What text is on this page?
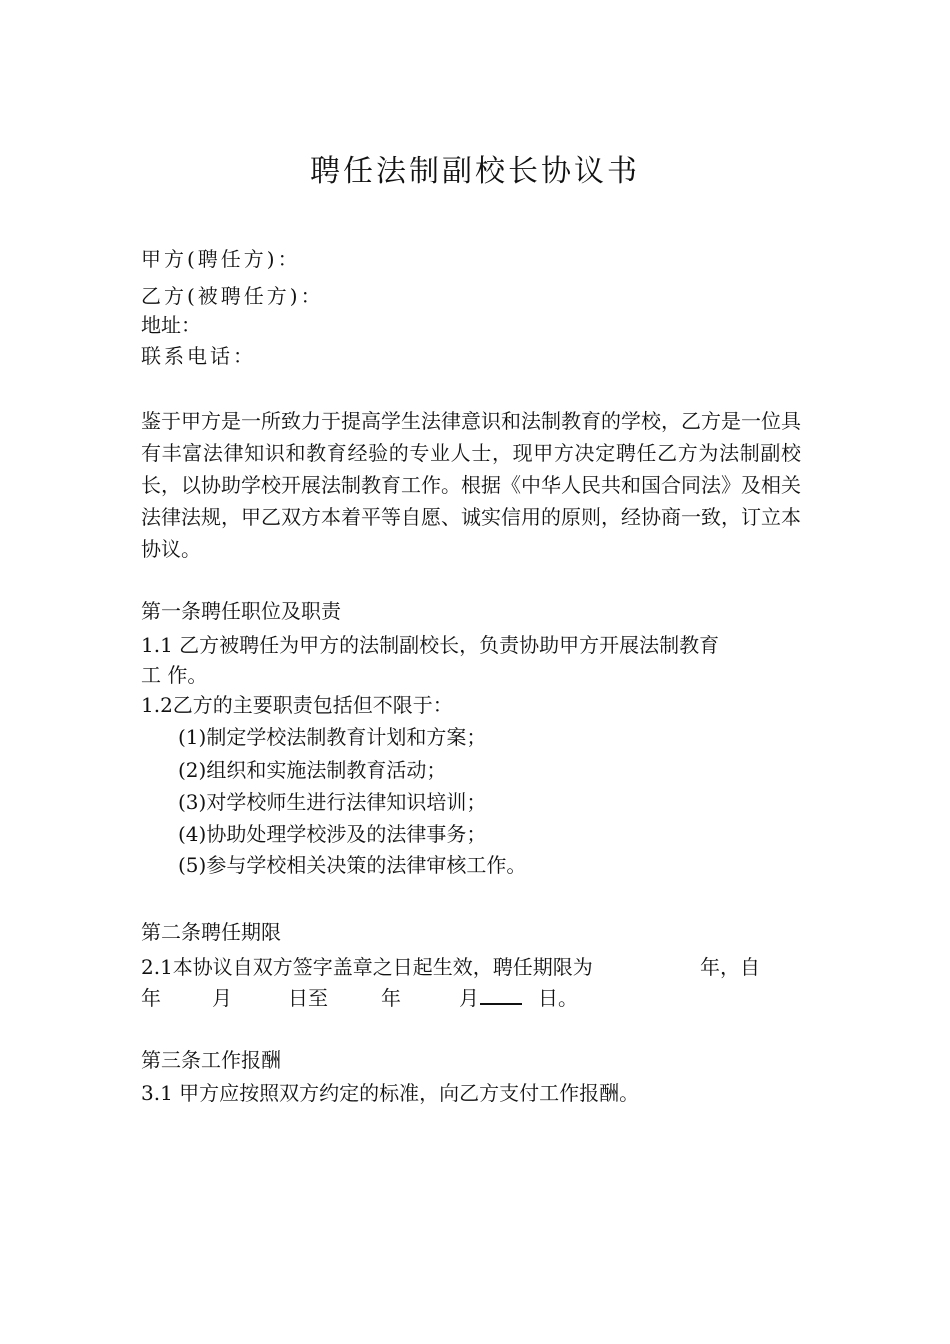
聘任法制副校长协议书
甲方(聘任方)：
乙方(被聘任方)：
地址：
联系电话：
鉴于甲方是一所致力于提高学生法律意识和法制教育的学校，乙方是一位具有丰富法律知识和教育经验的专业人士，现甲方决定聘任乙方为法制副校长，以协助学校开展法制教育工作。根据《中华人民共和国合同法》及相关法律法规，甲乙双方本着平等自愿、诚实信用的原则，经协商一致，订立本协议。
第一条聘任职位及职责
1.1 乙方被聘任为甲方的法制副校长，负责协助甲方开展法制教育
工 作。
1.2乙方的主要职责包括但不限于：
(1)制定学校法制教育计划和方案；
(2)组织和实施法制教育活动；
(3)对学校师生进行法律知识培训；
(4)协助处理学校涉及的法律事务；
(5)参与学校相关决策的法律审核工作。
第二条聘任期限
2.1本协议自双方签字盖章之日起生效，聘任期限为	年，自
年	月	日至	年	月	日。
第三条工作报酬
3.1 甲方应按照双方约定的标准，向乙方支付工作报酬。
